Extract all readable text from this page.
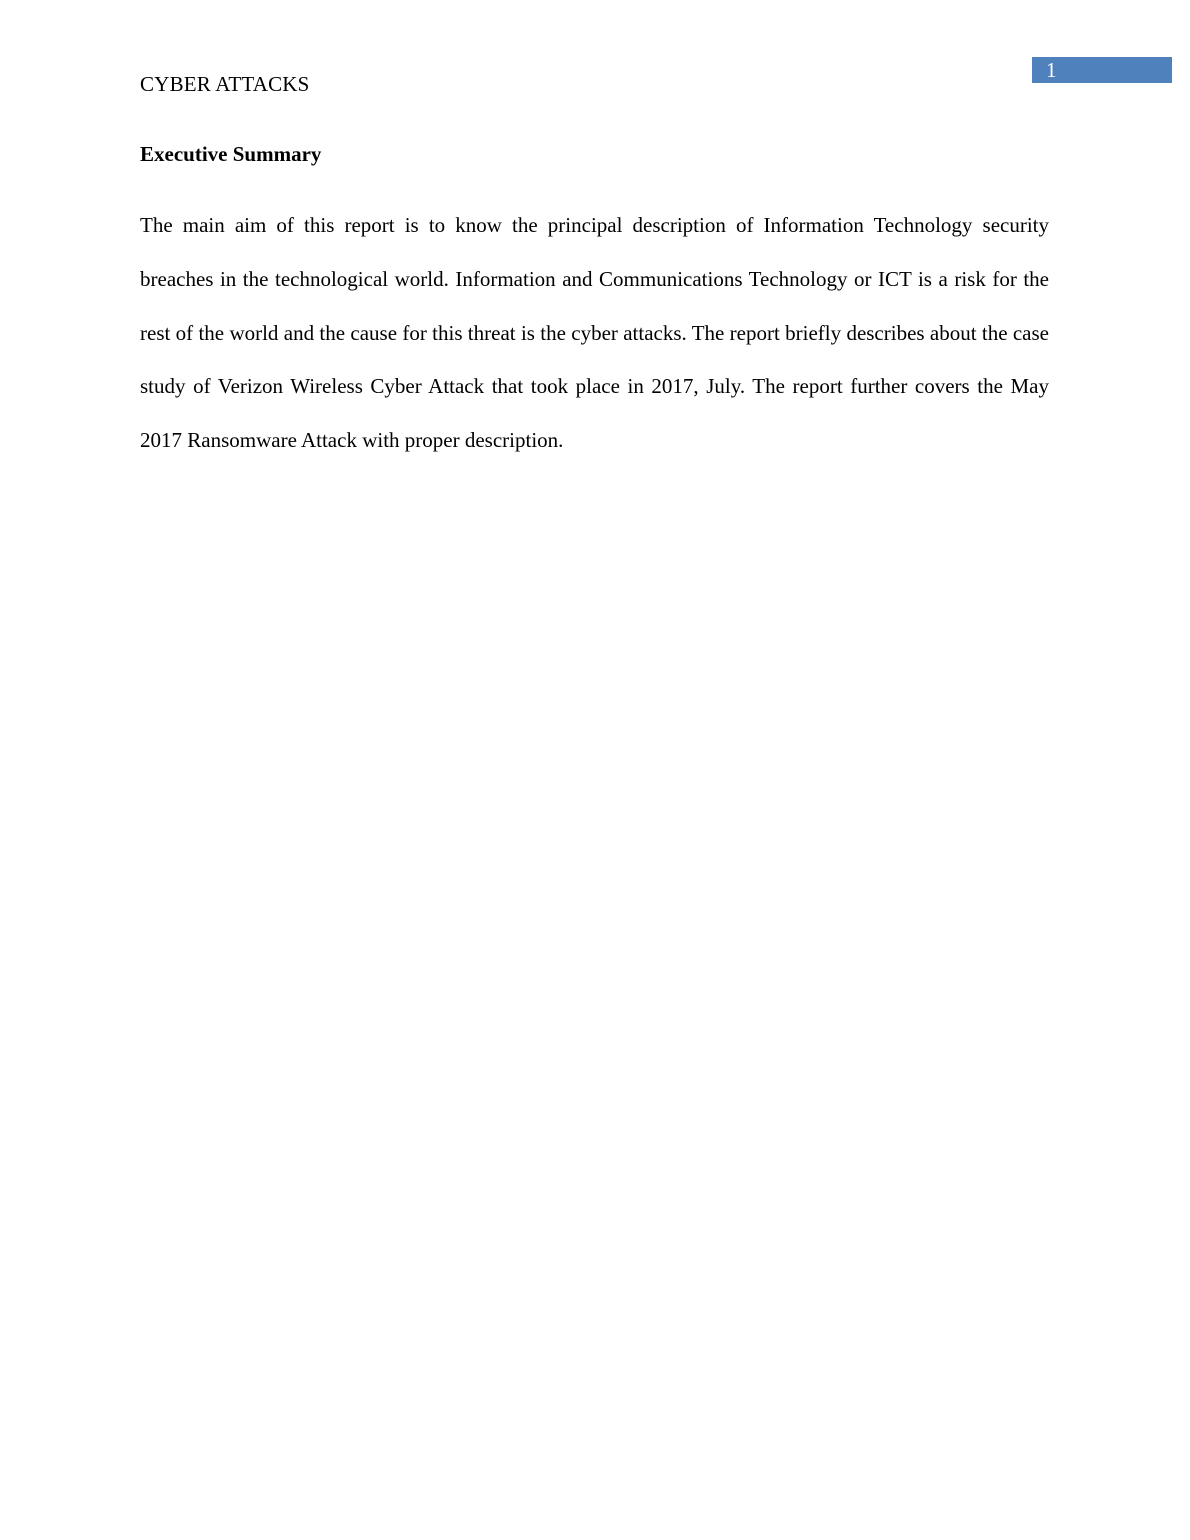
1
CYBER ATTACKS
Executive Summary

The main aim of this report is to know the principal description of Information Technology security breaches in the technological world. Information and Communications Technology or ICT is a risk for the rest of the world and the cause for this threat is the cyber attacks. The report briefly describes about the case study of Verizon Wireless Cyber Attack that took place in 2017, July. The report further covers the May 2017 Ransomware Attack with proper description.
